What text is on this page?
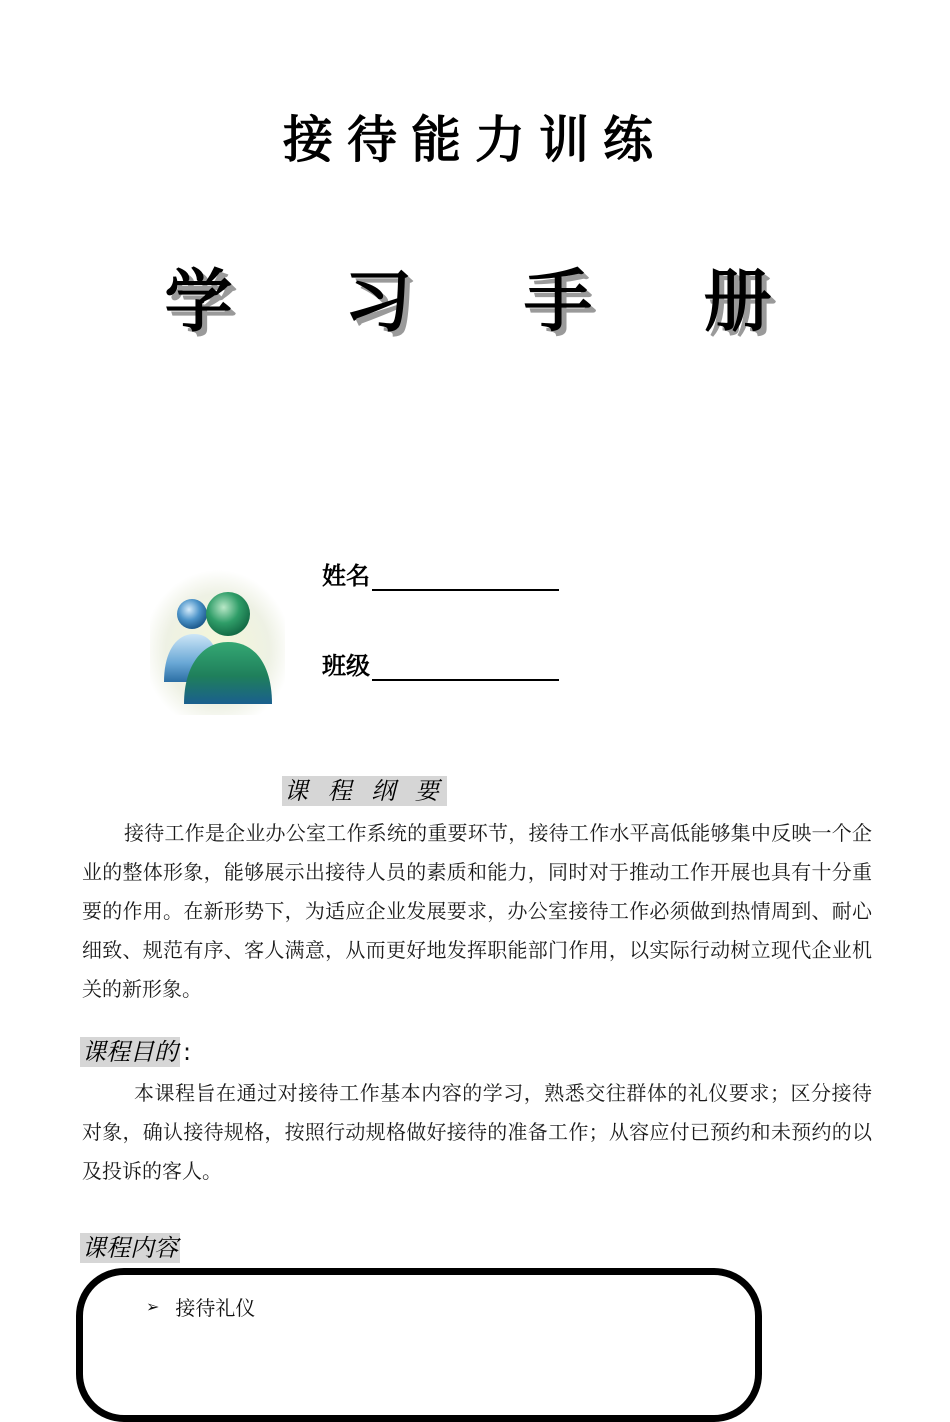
接待能力训练
学 习 手 册
姓名
班级
课 程 纲 要

接待工作是企业办公室工作系统的重要环节，接待工作水平高低能够集中反映一个企业的整体形象，能够展示出接待人员的素质和能力，同时对于推动工作开展也具有十分重要的作用。在新形势下，为适应企业发展要求，办公室接待工作必须做到热情周到、耐心细致、规范有序、客人满意，从而更好地发挥职能部门作用，以实际行动树立现代企业机关的新形象。

课程目的 :

本课程旨在通过对接待工作基本内容的学习，熟悉交往群体的礼仪要求；区分接待对象，确认接待规格，按照行动规格做好接待的准备工作；从容应付已预约和未预约的以及投诉的客人。

课程内容
➢ 接待礼仪
